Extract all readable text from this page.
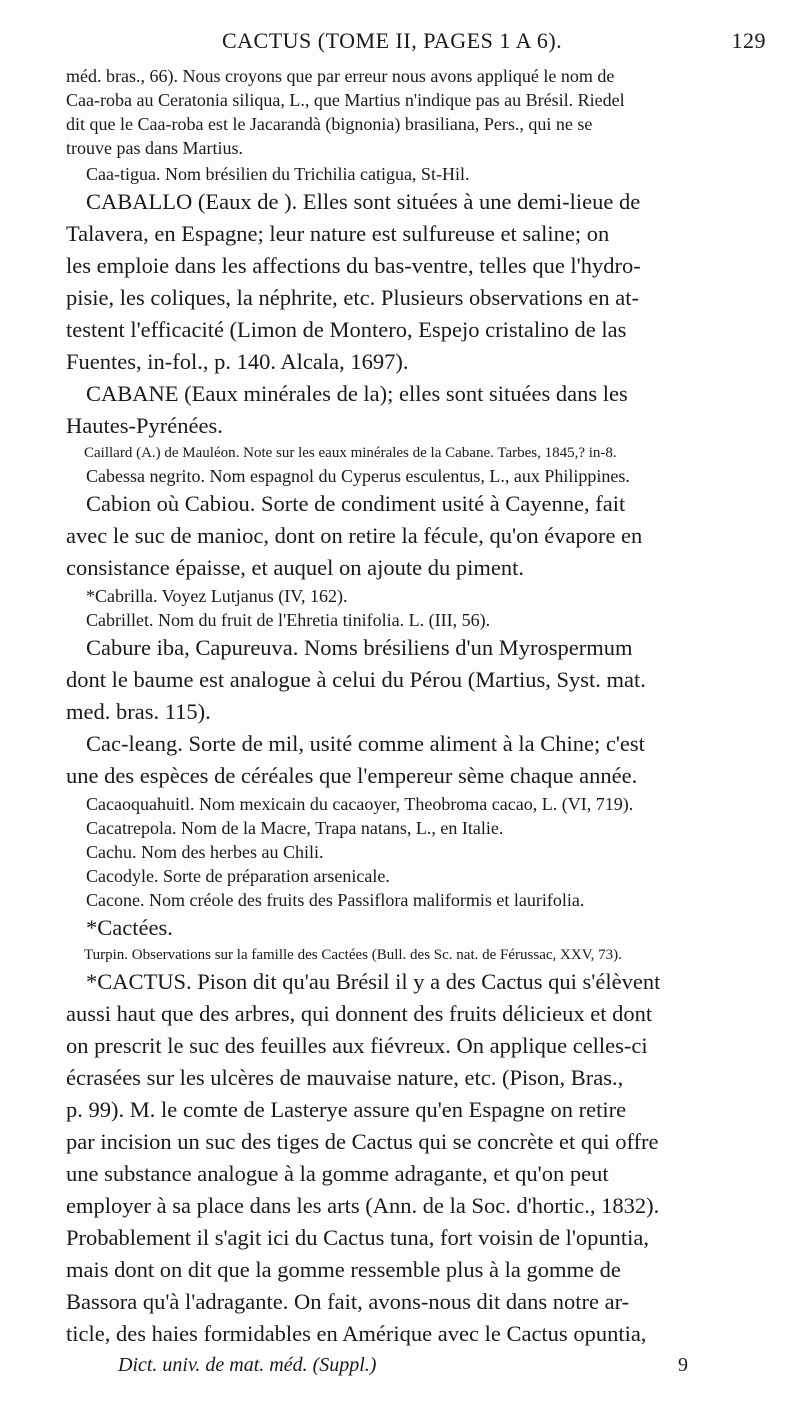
CACTUS (TOME II, PAGES 1 A 6).	129
méd. bras., 66). Nous croyons que par erreur nous avons appliqué le nom de
Caa-roba au Ceratonia siliqua, L., que Martius n'indique pas au Brésil. Riedel
dit que le Caa-roba est le Jacarandà (bignonia) brasiliana, Pers., qui ne se
trouve pas dans Martius.
Caa-tigua. Nom brésilien du Trichilia catigua, St-Hil.
CABALLO (Eaux de ). Elles sont situées à une demi-lieue de
Talavera, en Espagne; leur nature est sulfureuse et saline; on
les emploie dans les affections du bas-ventre, telles que l'hydro-
pisie, les coliques, la néphrite, etc. Plusieurs observations en at-
testent l'efficacité (Limon de Montero, Espejo cristalino de las
Fuentes, in-fol., p. 140. Alcala, 1697).
CABANE (Eaux minérales de la); elles sont situées dans les
Hautes-Pyrénées.
Caillard (A.) de Mauléon. Note sur les eaux minérales de la Cabane. Tarbes, 1845,? in-8.
Cabessa negrito. Nom espagnol du Cyperus esculentus, L., aux Philippines.
Cabion où Cabiou. Sorte de condiment usité à Cayenne, fait
avec le suc de manioc, dont on retire la fécule, qu'on évapore en
consistance épaisse, et auquel on ajoute du piment.
*Cabrilla. Voyez Lutjanus (IV, 162).
Cabrillet. Nom du fruit de l'Ehretia tinifolia. L. (III, 56).
Cabure iba, Capureuva. Noms brésiliens d'un Myrospermum
dont le baume est analogue à celui du Pérou (Martius, Syst. mat.
med. bras. 115).
Cac-leang. Sorte de mil, usité comme aliment à la Chine; c'est
une des espèces de céréales que l'empereur sème chaque année.
Cacaoquahuitl. Nom mexicain du cacaoyer, Theobroma cacao, L. (VI, 719).
Cacatrepola. Nom de la Macre, Trapa natans, L., en Italie.
Cachu. Nom des herbes au Chili.
Cacodyle. Sorte de préparation arsenicale.
Cacone. Nom créole des fruits des Passiflora maliformis et laurifolia.
*Cactées.
Turpin. Observations sur la famille des Cactées (Bull. des Sc. nat. de Férussac, XXV, 73).
*CACTUS. Pison dit qu'au Brésil il y a des Cactus qui s'élèvent
aussi haut que des arbres, qui donnent des fruits délicieux et dont
on prescrit le suc des feuilles aux fiévreux. On applique celles-ci
écrasées sur les ulcères de mauvaise nature, etc. (Pison, Bras.,
p. 99). M. le comte de Lasterye assure qu'en Espagne on retire
par incision un suc des tiges de Cactus qui se concrète et qui offre
une substance analogue à la gomme adragante, et qu'on peut
employer à sa place dans les arts (Ann. de la Soc. d'hortic., 1832).
Probablement il s'agit ici du Cactus tuna, fort voisin de l'opuntia,
mais dont on dit que la gomme ressemble plus à la gomme de
Bassora qu'à l'adragante. On fait, avons-nous dit dans notre ar-
ticle, des haies formidables en Amérique avec le Cactus opuntia,
Dict. univ. de mat. méd. (Suppl.)	9
